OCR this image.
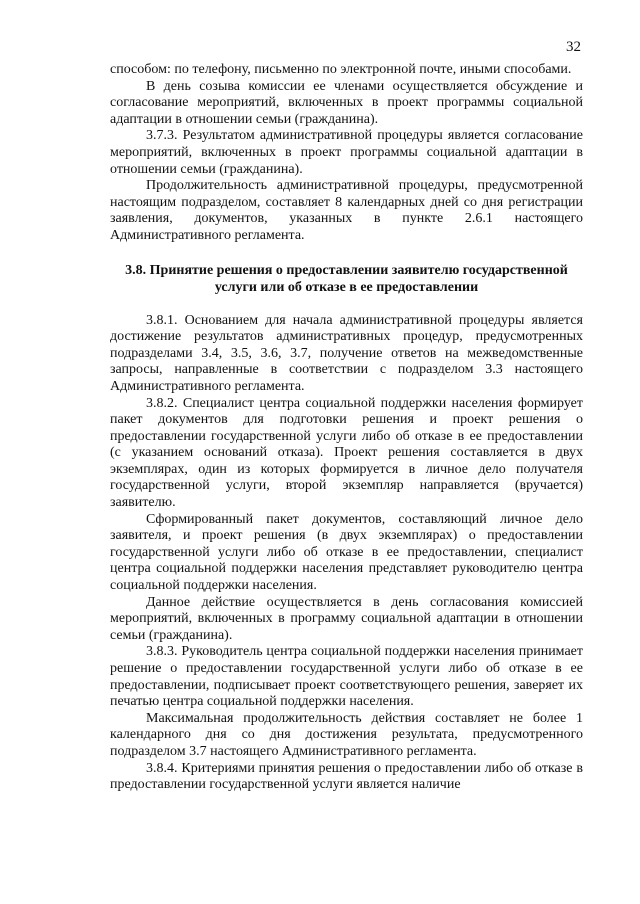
32

способом: по телефону, письменно по электронной почте, иными способами.

В день созыва комиссии ее членами осуществляется обсуждение и согласование мероприятий, включенных в проект программы социальной адаптации в отношении семьи (гражданина).

3.7.3. Результатом административной процедуры является согласование мероприятий, включенных в проект программы социальной адаптации в отношении семьи (гражданина).

Продолжительность административной процедуры, предусмотренной настоящим подразделом, составляет 8 календарных дней со дня регистрации заявления, документов, указанных в пункте 2.6.1 настоящего Административного регламента.

3.8. Принятие решения о предоставлении заявителю государственной услуги или об отказе в ее предоставлении

3.8.1. Основанием для начала административной процедуры является достижение результатов административных процедур, предусмотренных подразделами 3.4, 3.5, 3.6, 3.7, получение ответов на межведомственные запросы, направленные в соответствии с подразделом 3.3 настоящего Административного регламента.

3.8.2. Специалист центра социальной поддержки населения формирует пакет документов для подготовки решения и проект решения о предоставлении государственной услуги либо об отказе в ее предоставлении (с указанием оснований отказа). Проект решения составляется в двух экземплярах, один из которых формируется в личное дело получателя государственной услуги, второй экземпляр направляется (вручается) заявителю.

Сформированный пакет документов, составляющий личное дело заявителя, и проект решения (в двух экземплярах) о предоставлении государственной услуги либо об отказе в ее предоставлении, специалист центра социальной поддержки населения представляет руководителю центра социальной поддержки населения.

Данное действие осуществляется в день согласования комиссией мероприятий, включенных в программу социальной адаптации в отношении семьи (гражданина).

3.8.3. Руководитель центра социальной поддержки населения принимает решение о предоставлении государственной услуги либо об отказе в ее предоставлении, подписывает проект соответствующего решения, заверяет их печатью центра социальной поддержки населения.

Максимальная продолжительность действия составляет не более 1 календарного дня со дня достижения результата, предусмотренного подразделом 3.7 настоящего Административного регламента.

3.8.4. Критериями принятия решения о предоставлении либо об отказе в предоставлении государственной услуги является наличие
